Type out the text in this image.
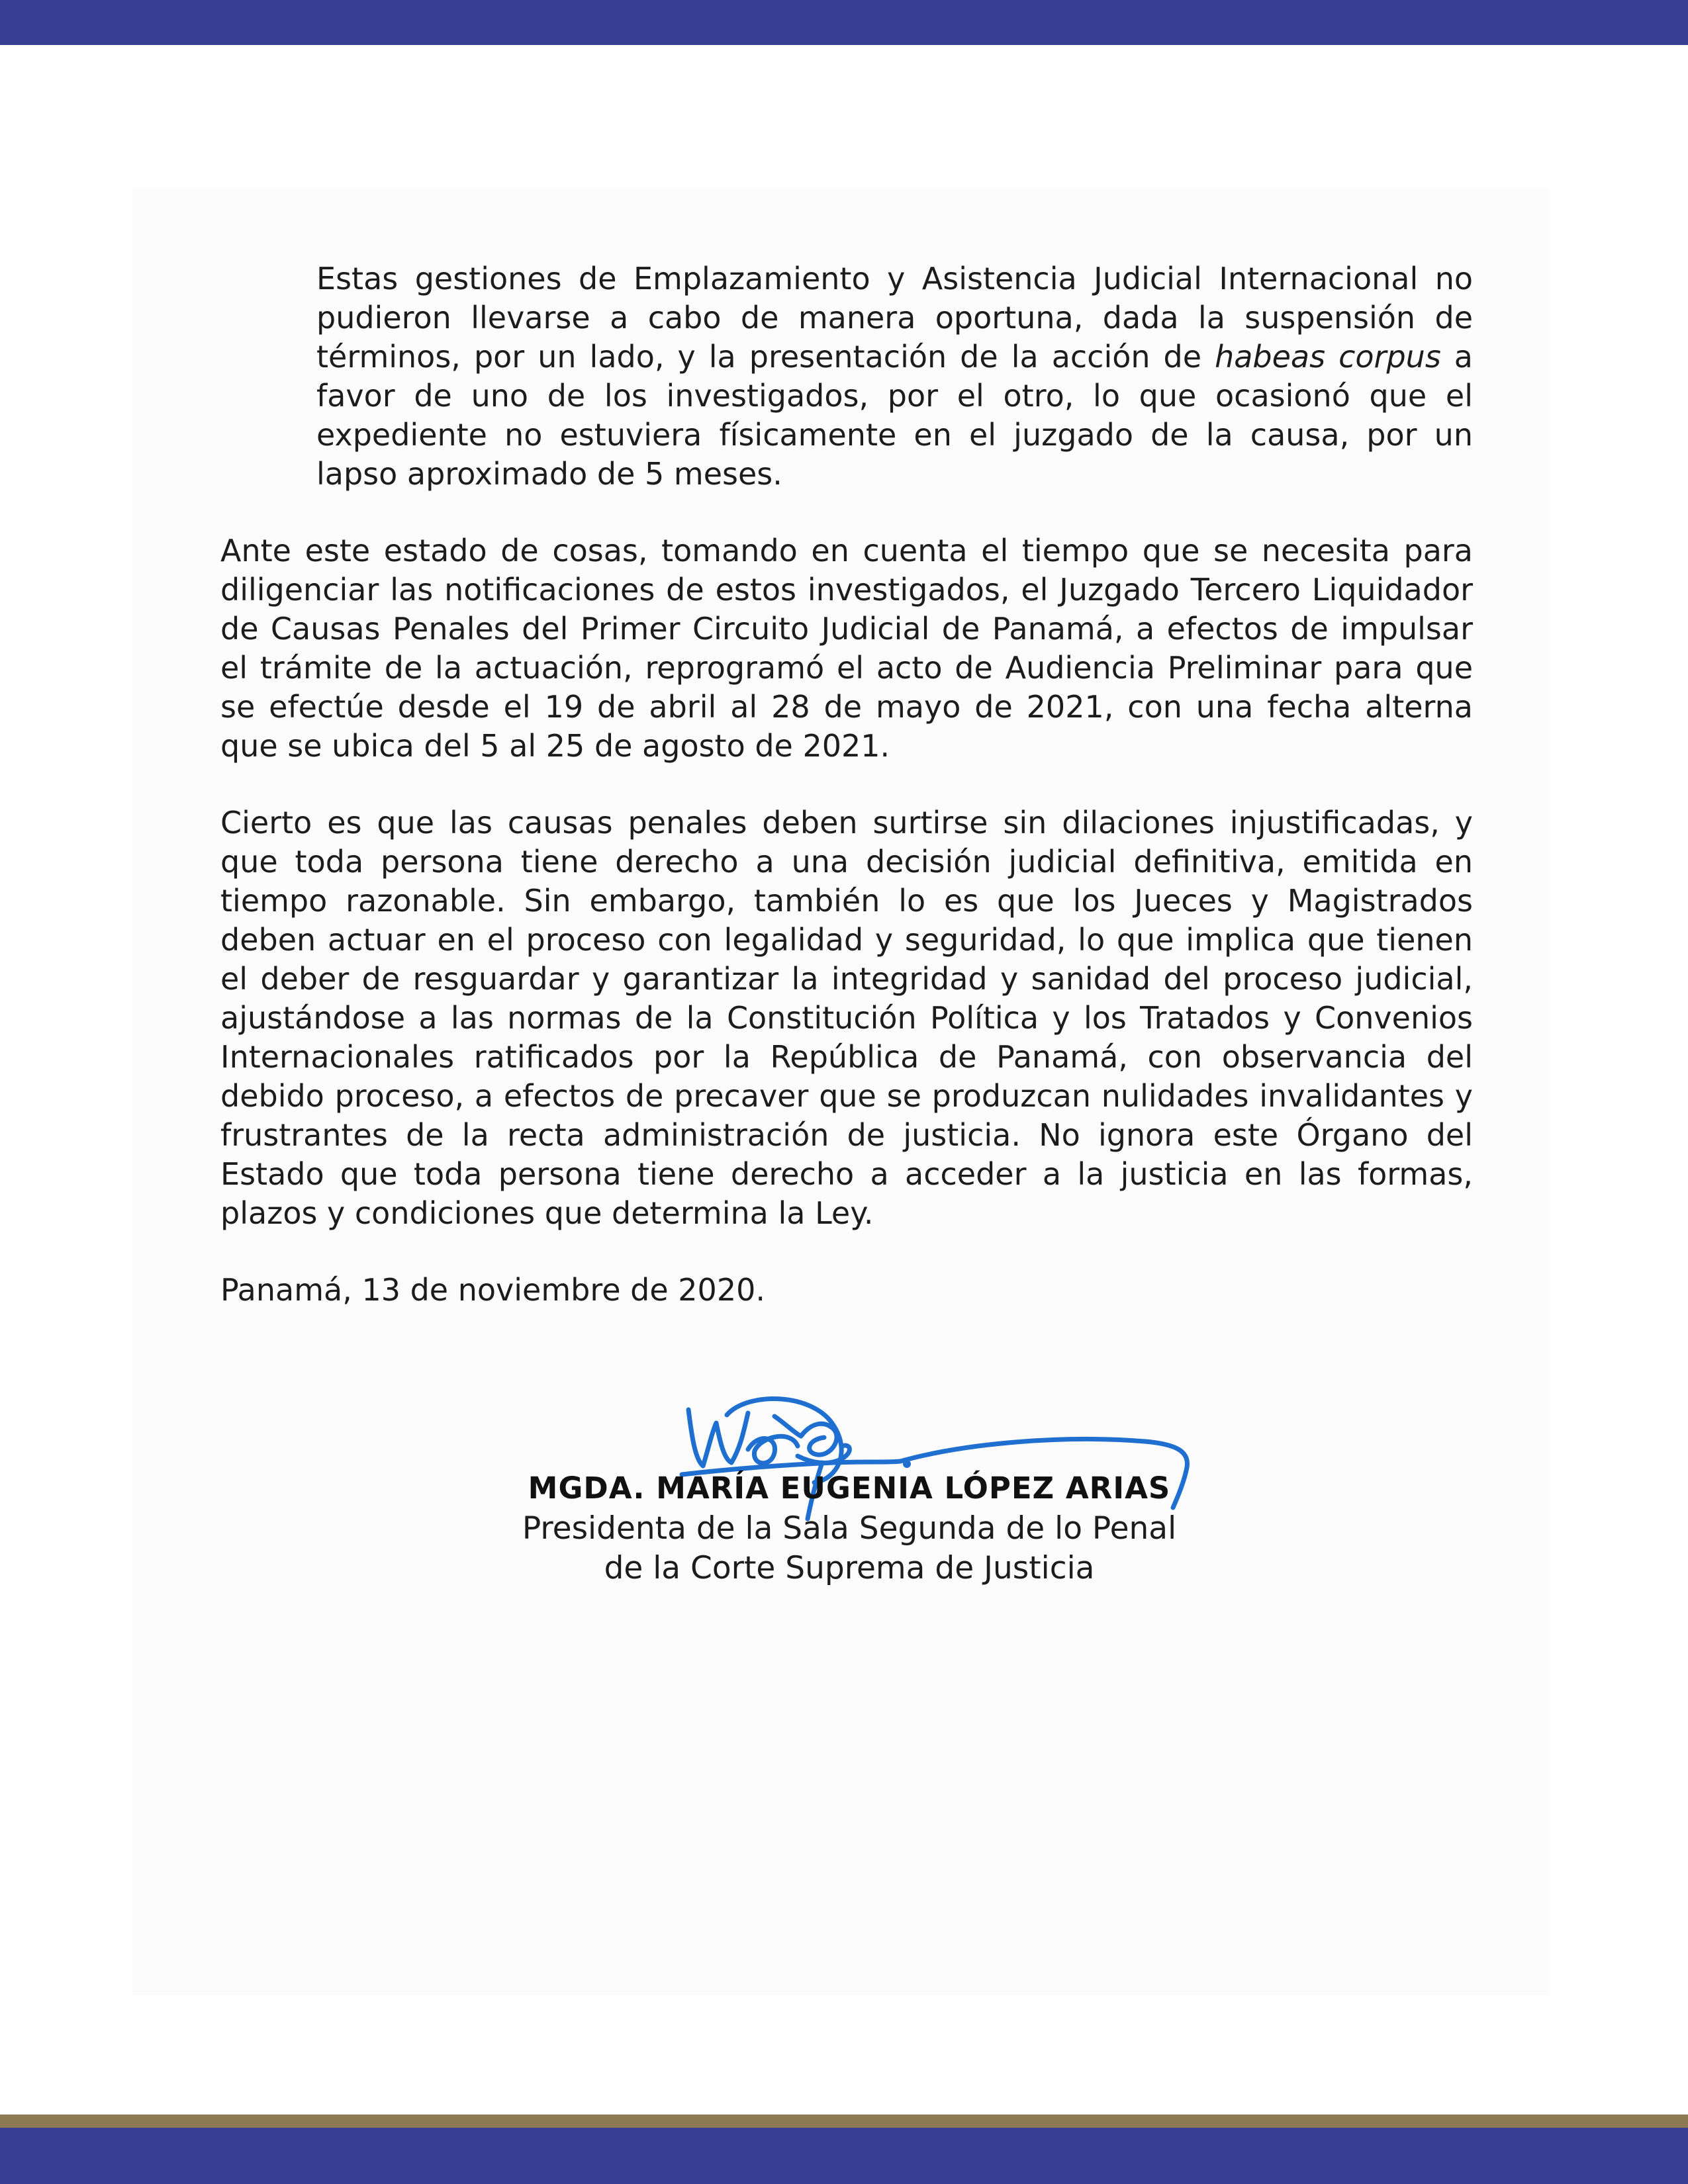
Estas gestiones de Emplazamiento y Asistencia Judicial Internacional no pudieron llevarse a cabo de manera oportuna, dada la suspensión de términos, por un lado, y la presentación de la acción de habeas corpus a favor de uno de los investigados, por el otro, lo que ocasionó que el expediente no estuviera físicamente en el juzgado de la causa, por un lapso aproximado de 5 meses.

Ante este estado de cosas, tomando en cuenta el tiempo que se necesita para diligenciar las notificaciones de estos investigados, el Juzgado Tercero Liquidador de Causas Penales del Primer Circuito Judicial de Panamá, a efectos de impulsar el trámite de la actuación, reprogramó el acto de Audiencia Preliminar para que se efectúe desde el 19 de abril al 28 de mayo de 2021, con una fecha alterna que se ubica del 5 al 25 de agosto de 2021.

Cierto es que las causas penales deben surtirse sin dilaciones injustificadas, y que toda persona tiene derecho a una decisión judicial definitiva, emitida en tiempo razonable. Sin embargo, también lo es que los Jueces y Magistrados deben actuar en el proceso con legalidad y seguridad, lo que implica que tienen el deber de resguardar y garantizar la integridad y sanidad del proceso judicial, ajustándose a las normas de la Constitución Política y los Tratados y Convenios Internacionales ratificados por la República de Panamá, con observancia del debido proceso, a efectos de precaver que se produzcan nulidades invalidantes y frustrantes de la recta administración de justicia. No ignora este Órgano del Estado que toda persona tiene derecho a acceder a la justicia en las formas, plazos y condiciones que determina la Ley.

Panamá, 13 de noviembre de 2020.

MGDA. MARÍA EUGENIA LÓPEZ ARIAS
Presidenta de la Sala Segunda de lo Penal
de la Corte Suprema de Justicia
